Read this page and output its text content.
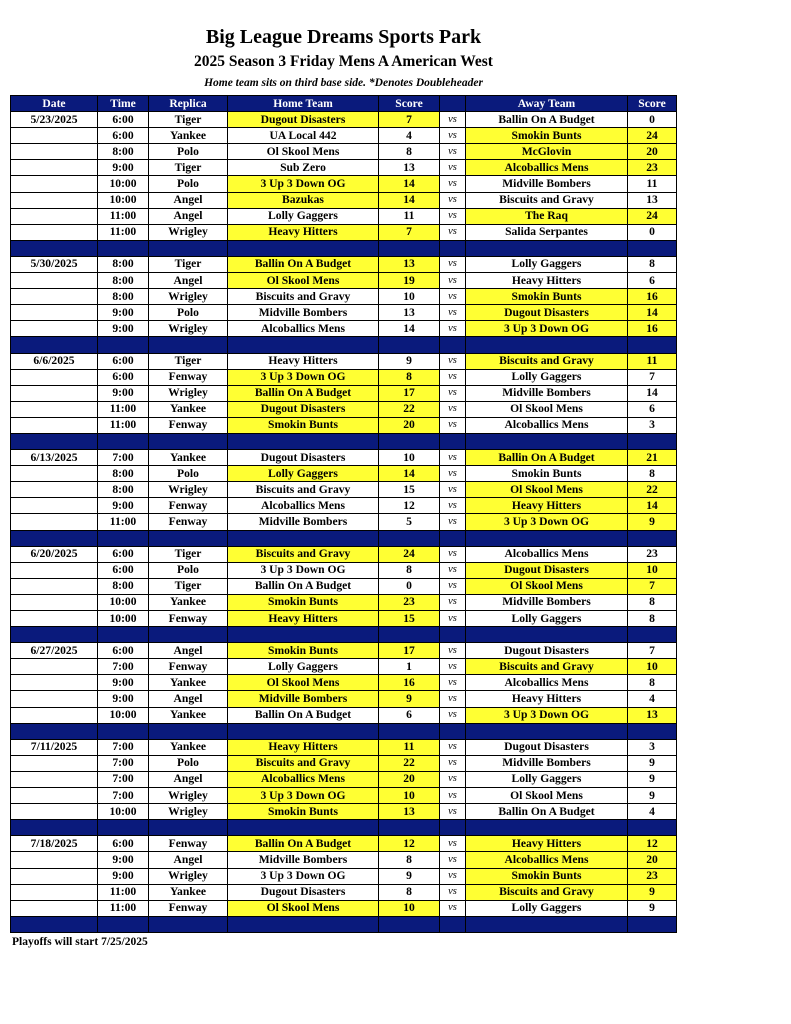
Big League Dreams Sports Park
2025 Season 3 Friday Mens A American West
Home team sits on third base side. *Denotes Doubleheader
Date	Time	Replica	Home Team	Score		Away Team	Score
5/23/2025	6:00	Tiger	Dugout Disasters	7	vs	Ballin On A Budget	0
	6:00	Yankee	UA Local 442	4	vs	Smokin Bunts	24
	8:00	Polo	Ol Skool Mens	8	vs	McGlovin	20
	9:00	Tiger	Sub Zero	13	vs	Alcoballics Mens	23
	10:00	Polo	3 Up 3 Down OG	14	vs	Midville Bombers	11
	10:00	Angel	Bazukas	14	vs	Biscuits and Gravy	13
	11:00	Angel	Lolly Gaggers	11	vs	The Raq	24
	11:00	Wrigley	Heavy Hitters	7	vs	Salida Serpantes	0

5/30/2025	8:00	Tiger	Ballin On A Budget	13	vs	Lolly Gaggers	8
	8:00	Angel	Ol Skool Mens	19	vs	Heavy Hitters	6
	8:00	Wrigley	Biscuits and Gravy	10	vs	Smokin Bunts	16
	9:00	Polo	Midville Bombers	13	vs	Dugout Disasters	14
	9:00	Wrigley	Alcoballics Mens	14	vs	3 Up 3 Down OG	16

6/6/2025	6:00	Tiger	Heavy Hitters	9	vs	Biscuits and Gravy	11
	6:00	Fenway	3 Up 3 Down OG	8	vs	Lolly Gaggers	7
	9:00	Wrigley	Ballin On A Budget	17	vs	Midville Bombers	14
	11:00	Yankee	Dugout Disasters	22	vs	Ol Skool Mens	6
	11:00	Fenway	Smokin Bunts	20	vs	Alcoballics Mens	3

6/13/2025	7:00	Yankee	Dugout Disasters	10	vs	Ballin On A Budget	21
	8:00	Polo	Lolly Gaggers	14	vs	Smokin Bunts	8
	8:00	Wrigley	Biscuits and Gravy	15	vs	Ol Skool Mens	22
	9:00	Fenway	Alcoballics Mens	12	vs	Heavy Hitters	14
	11:00	Fenway	Midville Bombers	5	vs	3 Up 3 Down OG	9

6/20/2025	6:00	Tiger	Biscuits and Gravy	24	vs	Alcoballics Mens	23
	6:00	Polo	3 Up 3 Down OG	8	vs	Dugout Disasters	10
	8:00	Tiger	Ballin On A Budget	0	vs	Ol Skool Mens	7
	10:00	Yankee	Smokin Bunts	23	vs	Midville Bombers	8
	10:00	Fenway	Heavy Hitters	15	vs	Lolly Gaggers	8

6/27/2025	6:00	Angel	Smokin Bunts	17	vs	Dugout Disasters	7
	7:00	Fenway	Lolly Gaggers	1	vs	Biscuits and Gravy	10
	9:00	Yankee	Ol Skool Mens	16	vs	Alcoballics Mens	8
	9:00	Angel	Midville Bombers	9	vs	Heavy Hitters	4
	10:00	Yankee	Ballin On A Budget	6	vs	3 Up 3 Down OG	13

7/11/2025	7:00	Yankee	Heavy Hitters	11	vs	Dugout Disasters	3
	7:00	Polo	Biscuits and Gravy	22	vs	Midville Bombers	9
	7:00	Angel	Alcoballics Mens	20	vs	Lolly Gaggers	9
	7:00	Wrigley	3 Up 3 Down OG	10	vs	Ol Skool Mens	9
	10:00	Wrigley	Smokin Bunts	13	vs	Ballin On A Budget	4

7/18/2025	6:00	Fenway	Ballin On A Budget	12	vs	Heavy Hitters	12
	9:00	Angel	Midville Bombers	8	vs	Alcoballics Mens	20
	9:00	Wrigley	3 Up 3 Down OG	9	vs	Smokin Bunts	23
	11:00	Yankee	Dugout Disasters	8	vs	Biscuits and Gravy	9
	11:00	Fenway	Ol Skool Mens	10	vs	Lolly Gaggers	9

Playoffs will start 7/25/2025
